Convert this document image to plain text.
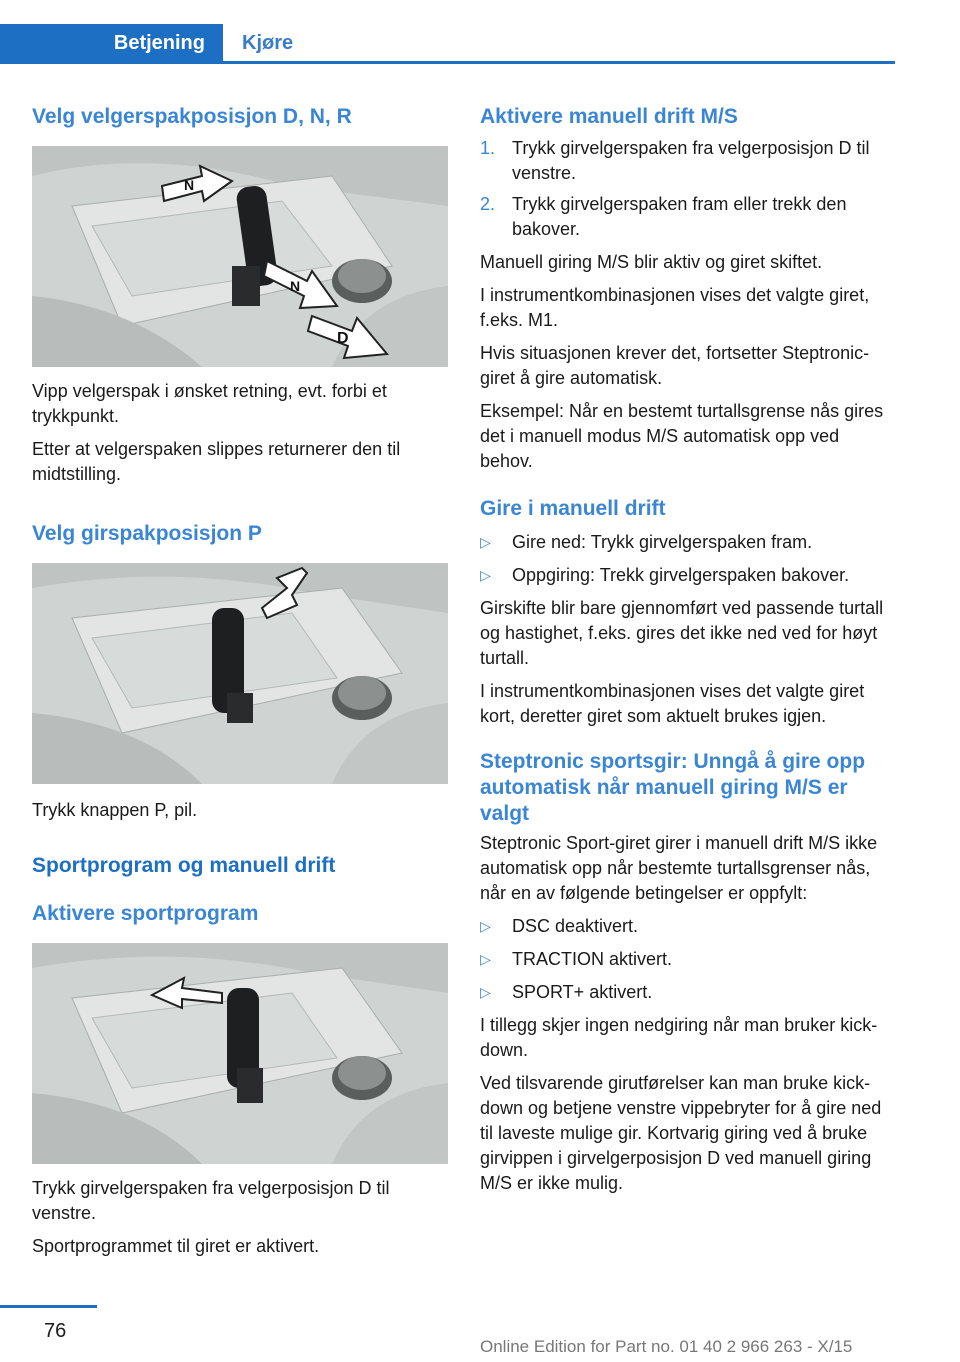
Betjening	Kjøre
Velg velgerspakposisjon D, N, R
N
N
D

Vipp velgerspak i ønsket retning, evt. forbi et trykkpunkt.

Etter at velgerspaken slippes returnerer den til midtstilling.

Velg girspakposisjon P

Trykk knappen P, pil.

Sportprogram og manuell drift
Aktivere sportprogram

Trykk girvelgerspaken fra velgerposisjon D til venstre.

Sportprogrammet til giret er aktivert.

Aktivere manuell drift M/S
1. Trykk girvelgerspaken fra velgerposisjon D til venstre.
2. Trykk girvelgerspaken fram eller trekk den bakover.

Manuell giring M/S blir aktiv og giret skiftet.

I instrumentkombinasjonen vises det valgte giret, f.eks. M1.

Hvis situasjonen krever det, fortsetter Steptronic-giret å gire automatisk.

Eksempel: Når en bestemt turtallsgrense nås gires det i manuell modus M/S automatisk opp ved behov.

Gire i manuell drift
▷	Gire ned: Trykk girvelgerspaken fram.
▷	Oppgiring: Trekk girvelgerspaken bakover.

Girskifte blir bare gjennomført ved passende turtall og hastighet, f.eks. gires det ikke ned ved for høyt turtall.

I instrumentkombinasjonen vises det valgte giret kort, deretter giret som aktuelt brukes igjen.

Steptronic sportsgir: Unngå å gire opp automatisk når manuell giring M/S er valgt

Steptronic Sport-giret girer i manuell drift M/S ikke automatisk opp når bestemte turtallsgrenser nås, når en av følgende betingelser er oppfylt:

▷	DSC deaktivert.
▷	TRACTION aktivert.
▷	SPORT+ aktivert.

I tillegg skjer ingen nedgiring når man bruker kick-down.

Ved tilsvarende girutførelser kan man bruke kick-down og betjene venstre vippebryter for å gire ned til laveste mulige gir. Kortvarig giring ved å bruke girvippen i girvelgerposisjon D ved manuell giring M/S er ikke mulig.

76
Online Edition for Part no. 01 40 2 966 263 - X/15
